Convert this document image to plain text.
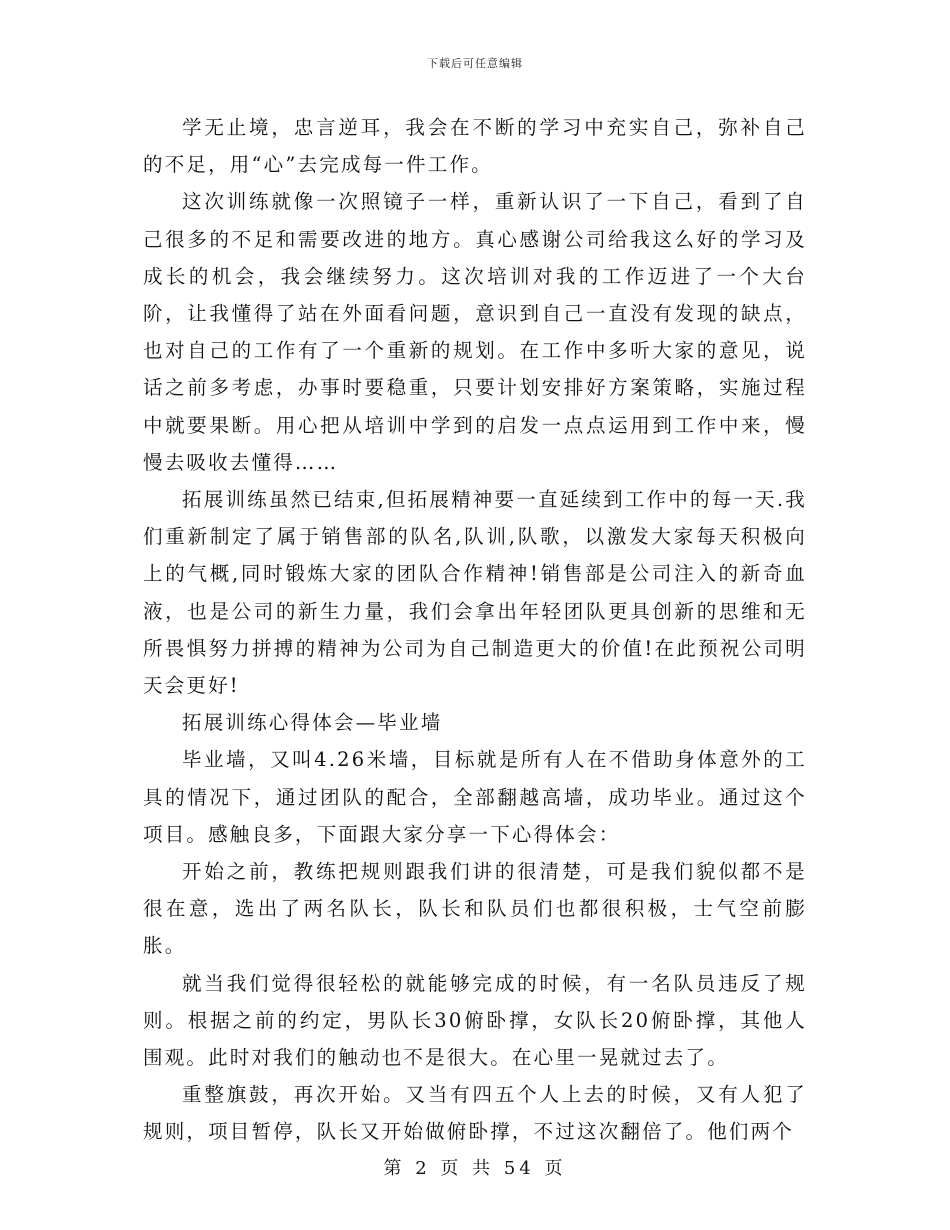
下载后可任意编辑

学无止境，忠言逆耳，我会在不断的学习中充实自己，弥补自己的不足，用“心”去完成每一件工作。

这次训练就像一次照镜子一样，重新认识了一下自己，看到了自己很多的不足和需要改进的地方。真心感谢公司给我这么好的学习及成长的机会，我会继续努力。这次培训对我的工作迈进了一个大台阶，让我懂得了站在外面看问题，意识到自己一直没有发现的缺点，也对自己的工作有了一个重新的规划。在工作中多听大家的意见，说话之前多考虑，办事时要稳重，只要计划安排好方案策略，实施过程中就要果断。用心把从培训中学到的启发一点点运用到工作中来，慢慢去吸收去懂得……

拓展训练虽然已结束,但拓展精神要一直延续到工作中的每一天.我们重新制定了属于销售部的队名,队训,队歌，以激发大家每天积极向上的气概,同时锻炼大家的团队合作精神!销售部是公司注入的新奇血液，也是公司的新生力量，我们会拿出年轻团队更具创新的思维和无所畏惧努力拼搏的精神为公司为自己制造更大的价值!在此预祝公司明天会更好!

拓展训练心得体会—毕业墙

毕业墙，又叫4.26米墙，目标就是所有人在不借助身体意外的工具的情况下，通过团队的配合，全部翻越高墙，成功毕业。通过这个项目。感触良多，下面跟大家分享一下心得体会：

开始之前，教练把规则跟我们讲的很清楚，可是我们貌似都不是很在意，选出了两名队长，队长和队员们也都很积极，士气空前膨胀。

就当我们觉得很轻松的就能够完成的时候，有一名队员违反了规则。根据之前的约定，男队长30俯卧撑，女队长20俯卧撑，其他人围观。此时对我们的触动也不是很大。在心里一晃就过去了。

重整旗鼓，再次开始。又当有四五个人上去的时候，又有人犯了规则，项目暂停，队长又开始做俯卧撑，不过这次翻倍了。他们两个

第 2 页 共 54 页
